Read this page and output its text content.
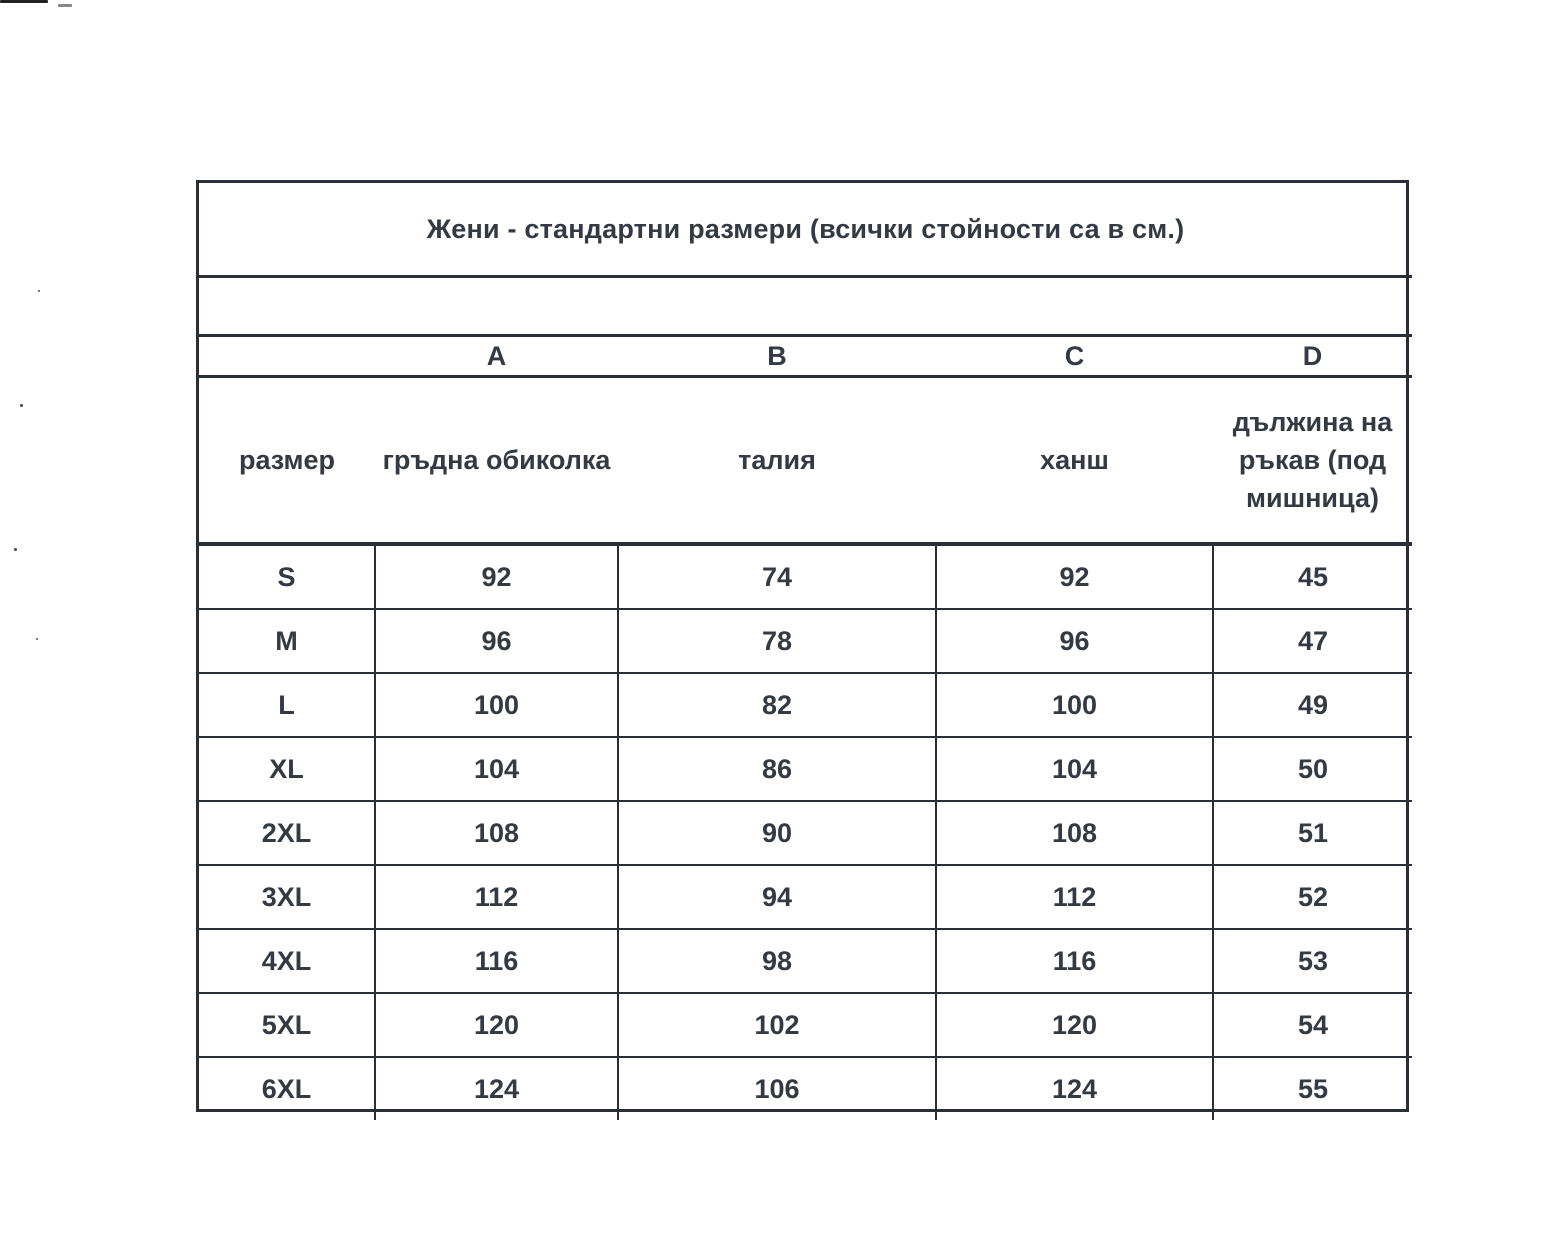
Жени - стандартни размери (всички стойности са в см.)				

	A	B	C	D
размер	гръдна обиколка	талия	ханш	дължина на ръкав (под мишница)
S	92	74	92	45
M	96	78	96	47
L	100	82	100	49
XL	104	86	104	50
2XL	108	90	108	51
3XL	112	94	112	52
4XL	116	98	116	53
5XL	120	102	120	54
6XL	124	106	124	55
